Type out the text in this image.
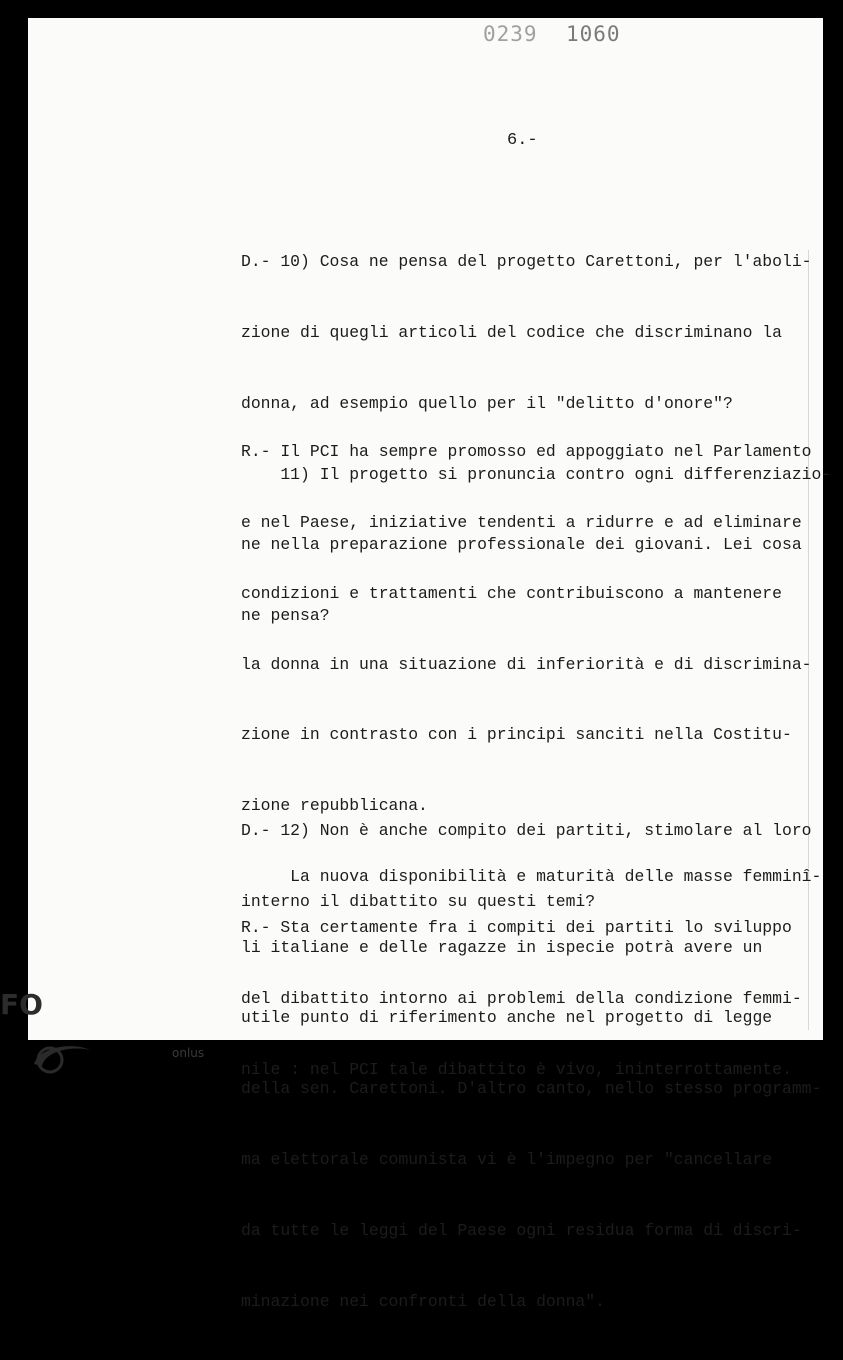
0239 1060
6.-

D.- 10) Cosa ne pensa del progetto Carettoni, per l'aboli-

zione di quegli articoli del codice che discriminano la

donna, ad esempio quello per il "delitto d'onore"?

11) Il progetto si pronuncia contro ogni differenziazio-

ne nella preparazione professionale dei giovani. Lei cosa

ne pensa?

R.- Il PCI ha sempre promosso ed appoggiato nel Parlamento

e nel Paese, iniziative tendenti a ridurre e ad eliminare

condizioni e trattamenti che contribuiscono a mantenere

la donna in una situazione di inferiorità e di discrimina-

zione in contrasto con i principi sanciti nella Costitu-

zione repubblicana.

La nuova disponibilità e maturità delle masse femminî-

li italiane e delle ragazze in ispecie potrà avere un

utile punto di riferimento anche nel progetto di legge

della sen. Carettoni. D'altro canto, nello stesso programm-

ma elettorale comunista vi è l'impegno per "cancellare

da tutte le leggi del Paese ogni residua forma di discri-

minazione nei confronti della donna".

D.- 12) Non è anche compito dei partiti, stimolare al loro

interno il dibattito su questi temi?

R.- Sta certamente fra i compiti dei partiti lo sviluppo

del dibattito intorno ai problemi della condizione femmi-

nile : nel PCI tale dibattito è vivo, ininterrottamente.

FO
onlus
